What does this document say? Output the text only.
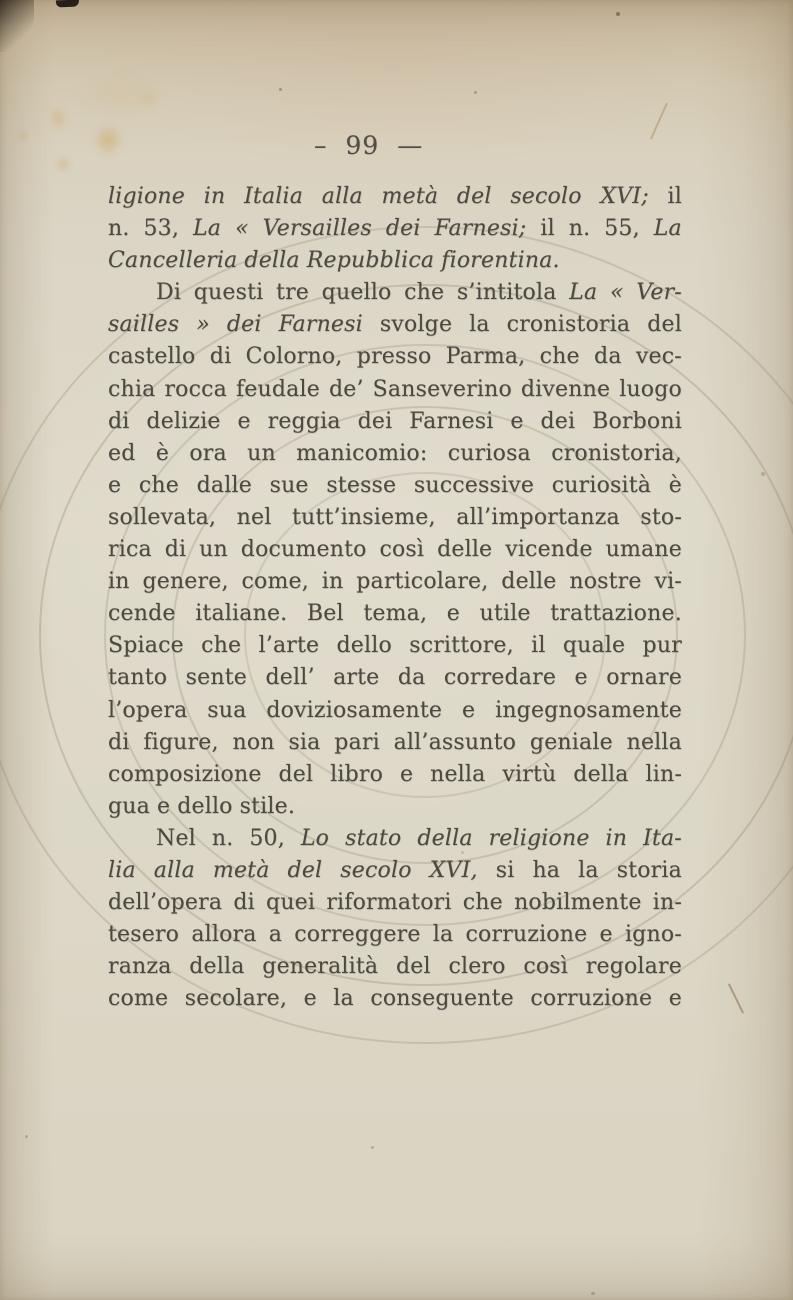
– 99 —
ligione in Italia alla metà del secolo XVI; il
n. 53, La « Versailles dei Farnesi; il n. 55, La
Cancelleria della Repubblica fiorentina.
Di questi tre quello che s’intitola La « Ver-
sailles » dei Farnesi svolge la cronistoria del
castello di Colorno, presso Parma, che da vec-
chia rocca feudale de’ Sanseverino divenne luogo
di delizie e reggia dei Farnesi e dei Borboni
ed è ora un manicomio: curiosa cronistoria,
e che dalle sue stesse successive curiosità è
sollevata, nel tutt’insieme, all’importanza sto-
rica di un documento così delle vicende umane
in genere, come, in particolare, delle nostre vi-
cende italiane. Bel tema, e utile trattazione.
Spiace che l’arte dello scrittore, il quale pur
tanto sente dell’ arte da corredare e ornare
l’opera sua doviziosamente e ingegnosamente
di figure, non sia pari all’assunto geniale nella
composizione del libro e nella virtù della lin-
gua e dello stile.
Nel n. 50, Lo stato della religione in Ita-
lia alla metà del secolo XVI, si ha la storia
dell’opera di quei riformatori che nobilmente in-
tesero allora a correggere la corruzione e igno-
ranza della generalità del clero così regolare
come secolare, e la conseguente corruzione e
